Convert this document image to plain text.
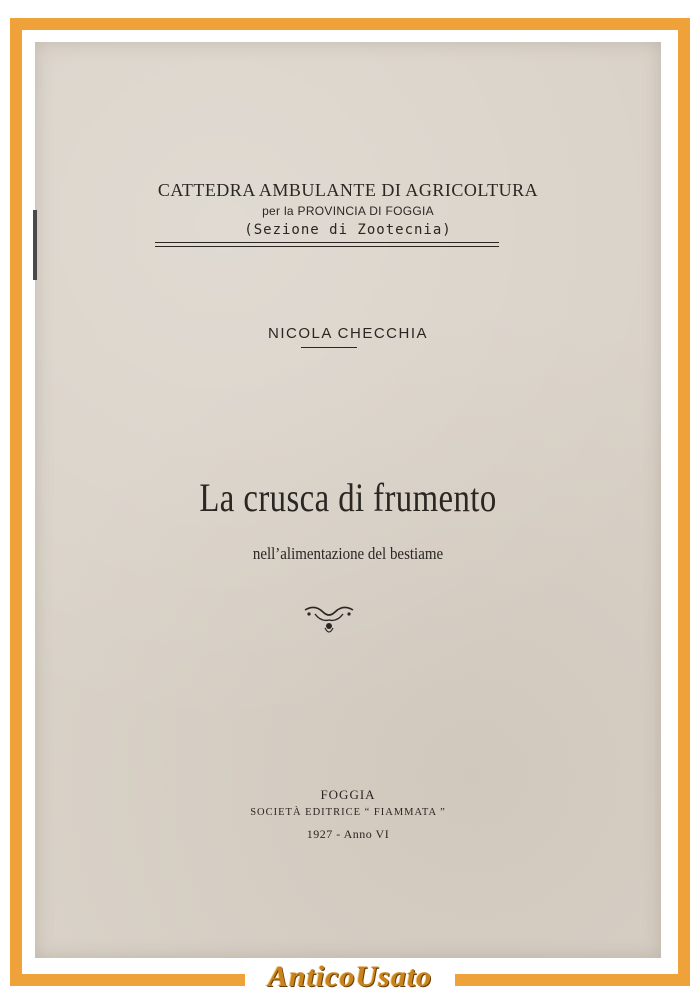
CATTEDRA AMBULANTE DI AGRICOLTURA
per la PROVINCIA DI FOGGIA
(Sezione di Zootecnia)
NICOLA CHECCHIA
La crusca di frumento
nell’alimentazione del bestiame
FOGGIA
SOCIETÀ EDITRICE “ FIAMMATA ”
1927 - Anno VI
AnticoUsato
